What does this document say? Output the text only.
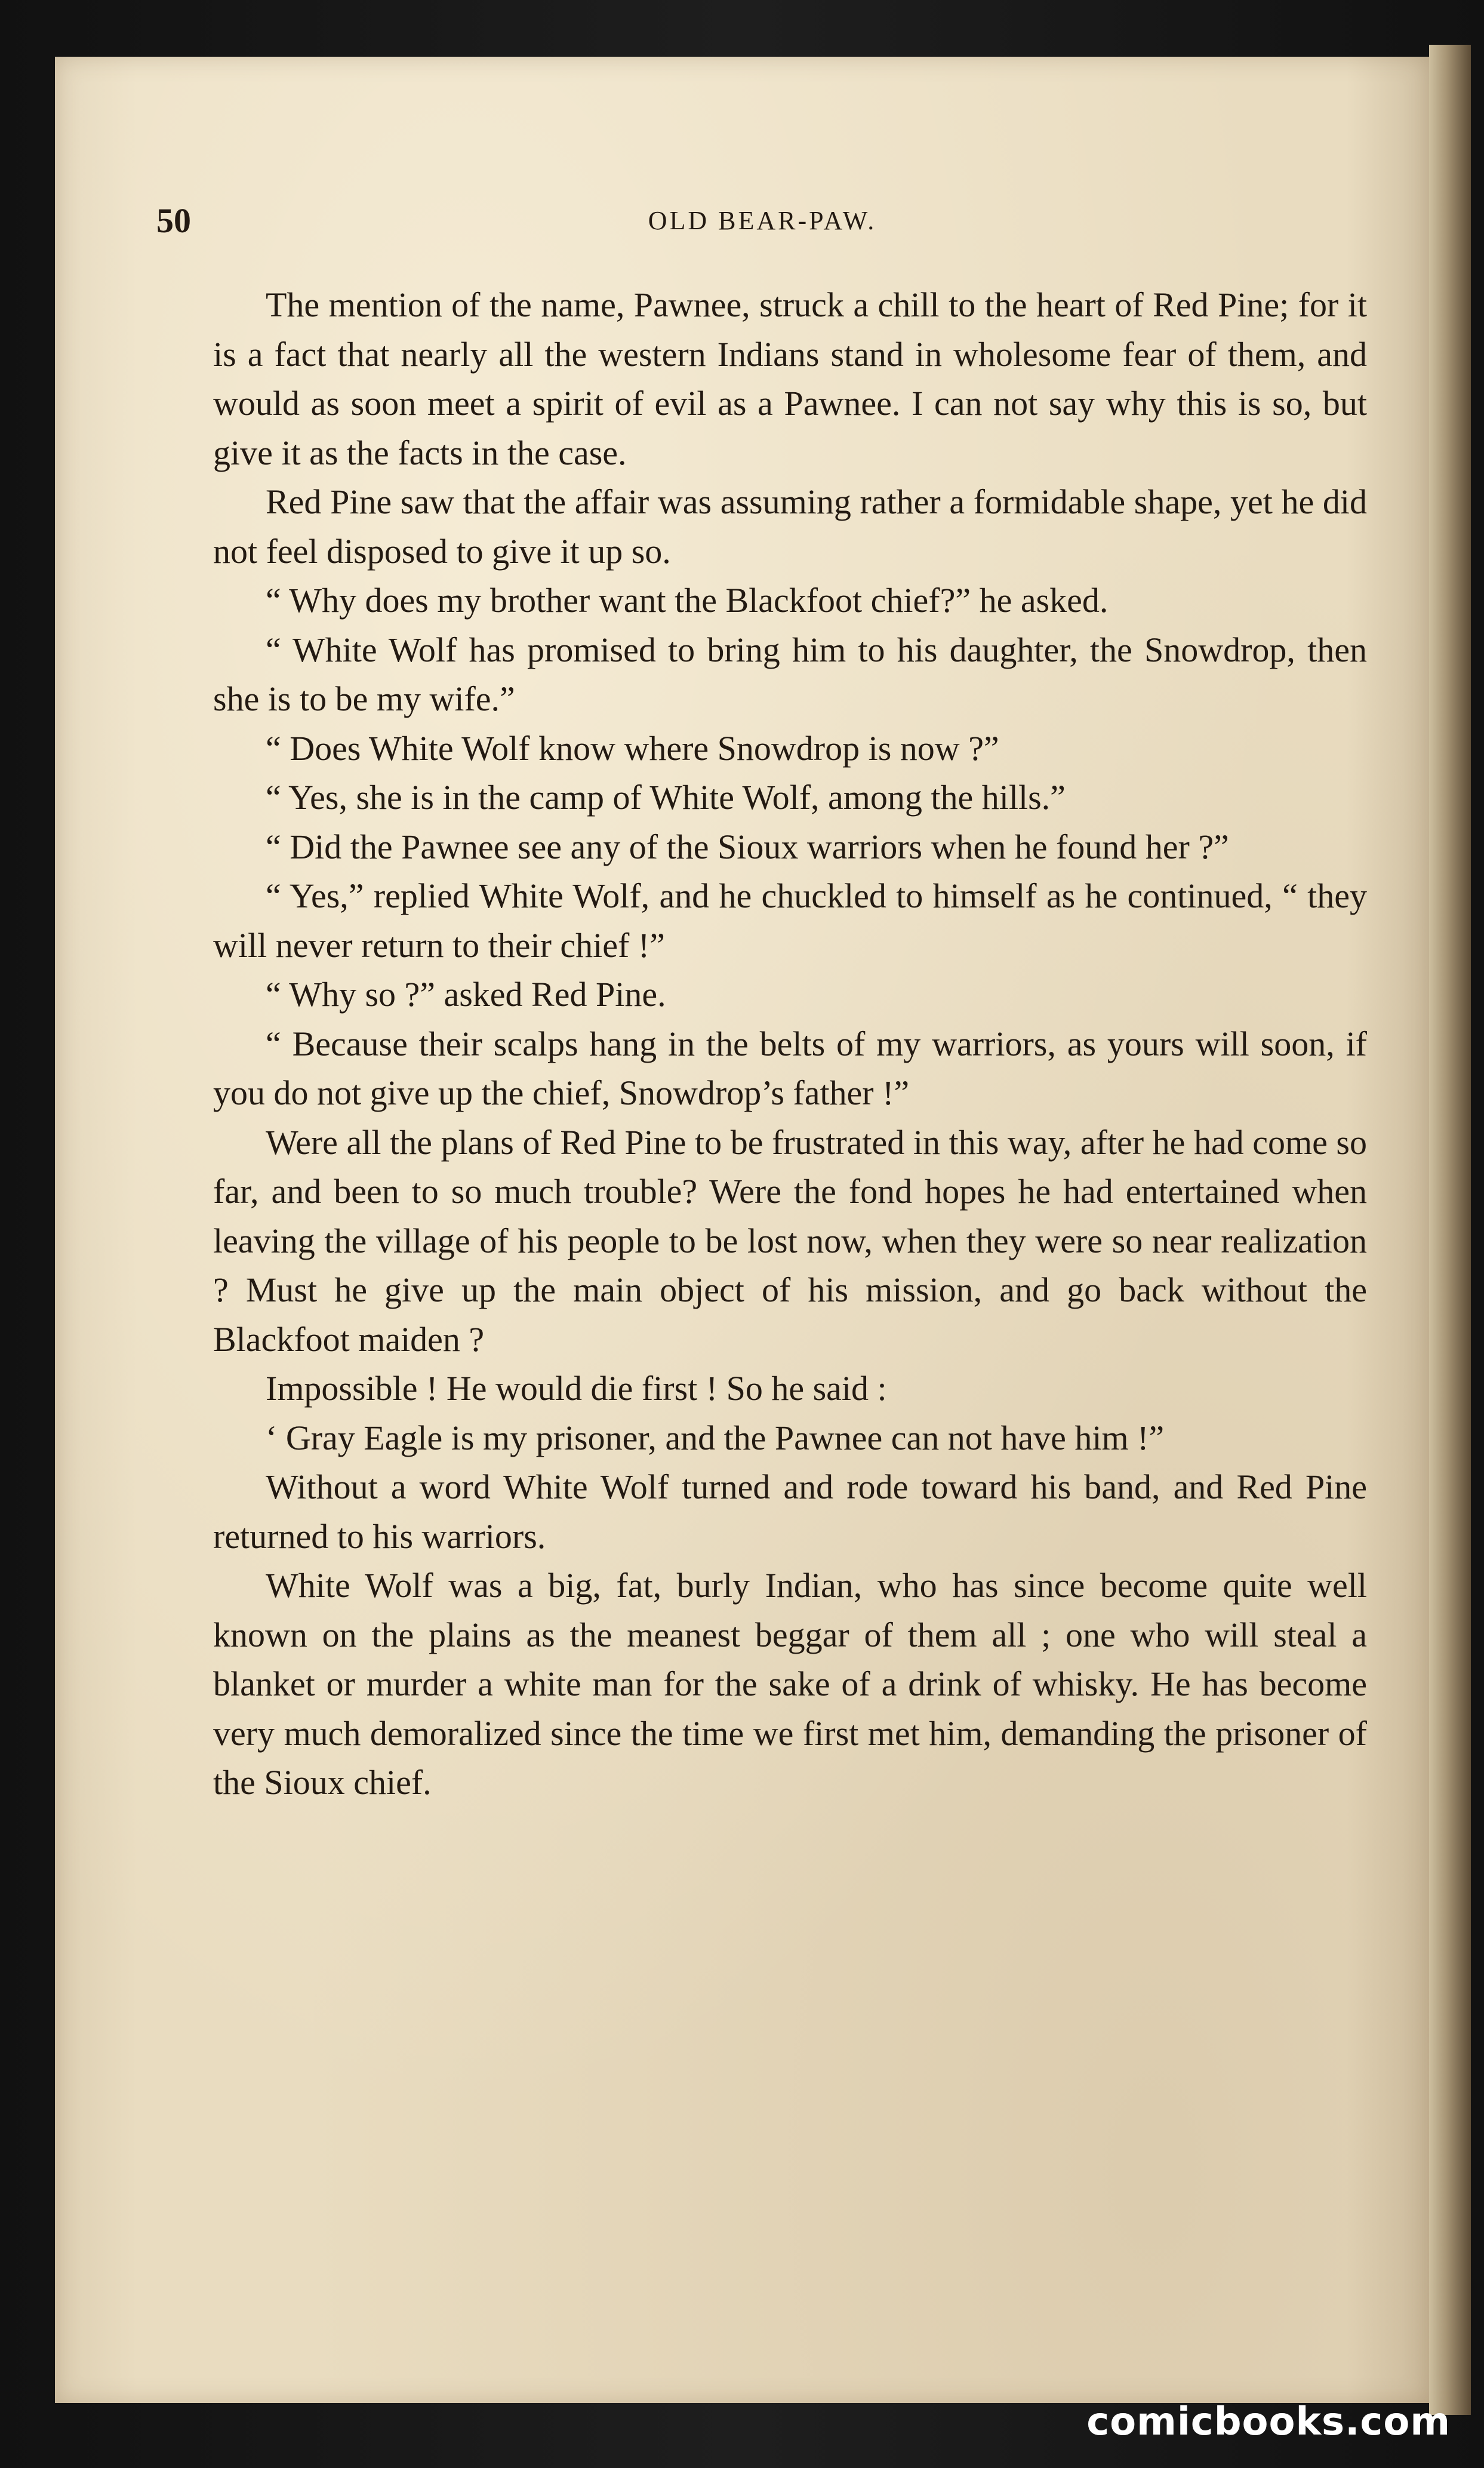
50	OLD BEAR-PAW.

The mention of the name, Pawnee, struck a chill to the heart of Red Pine; for it is a fact that nearly all the western Indians stand in wholesome fear of them, and would as soon meet a spirit of evil as a Pawnee. I can not say why this is so, but give it as the facts in the case.

Red Pine saw that the affair was assuming rather a formidable shape, yet he did not feel disposed to give it up so.

“ Why does my brother want the Blackfoot chief?” he asked.

“ White Wolf has promised to bring him to his daughter, the Snowdrop, then she is to be my wife.”

“ Does White Wolf know where Snowdrop is now ?”

“ Yes, she is in the camp of White Wolf, among the hills.”

“ Did the Pawnee see any of the Sioux warriors when he found her ?”

“ Yes,” replied White Wolf, and he chuckled to himself as he continued, “ they will never return to their chief !”

“ Why so ?” asked Red Pine.

“ Because their scalps hang in the belts of my warriors, as yours will soon, if you do not give up the chief, Snowdrop’s father !”

Were all the plans of Red Pine to be frustrated in this way, after he had come so far, and been to so much trouble? Were the fond hopes he had entertained when leaving the village of his people to be lost now, when they were so near realization ? Must he give up the main object of his mission, and go back without the Blackfoot maiden ?

Impossible ! He would die first ! So he said :

‘ Gray Eagle is my prisoner, and the Pawnee can not have him !”

Without a word White Wolf turned and rode toward his band, and Red Pine returned to his warriors.

White Wolf was a big, fat, burly Indian, who has since become quite well known on the plains as the meanest beggar of them all ; one who will steal a blanket or murder a white man for the sake of a drink of whisky. He has become very much demoralized since the time we first met him, demanding the prisoner of the Sioux chief.

comicbooks.com
